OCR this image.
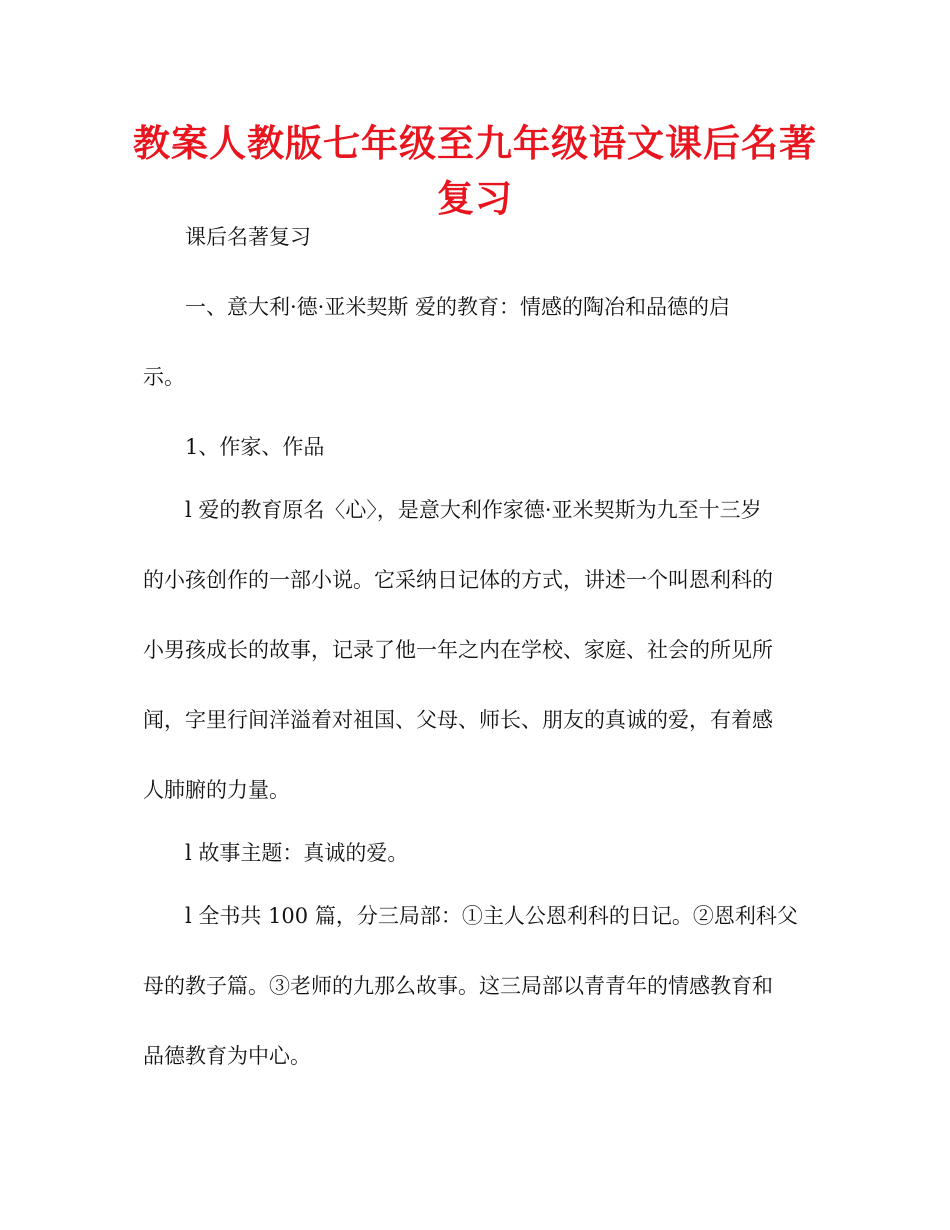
教案人教版七年级至九年级语文课后名著复习

课后名著复习

一、意大利·德·亚米契斯 爱的教育：情感的陶冶和品德的启
示。

1、作家、作品

l 爱的教育原名〈心〉，是意大利作家德·亚米契斯为九至十三岁
的小孩创作的一部小说。它采纳日记体的方式，讲述一个叫恩利科的
小男孩成长的故事，记录了他一年之内在学校、家庭、社会的所见所
闻，字里行间洋溢着对祖国、父母、师长、朋友的真诚的爱，有着感
人肺腑的力量。

l 故事主题：真诚的爱。

l 全书共 100 篇，分三局部：①主人公恩利科的日记。②恩利科父
母的教子篇。③老师的九那么故事。这三局部以青青年的情感教育和
品德教育为中心。
